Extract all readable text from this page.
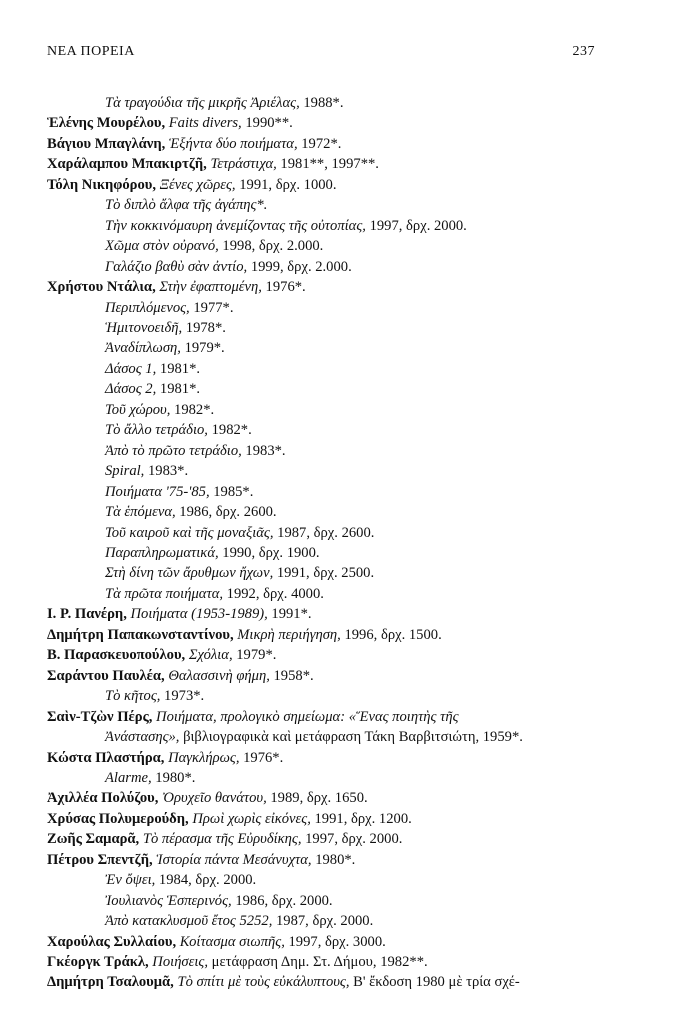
ΝΕΑ ΠΟΡΕΙΑ	237
Τὰ τραγούδια τῆς μικρῆς Ἀριέλας, 1988*.
Ἑλένης Μουρέλου, Faits divers, 1990**.
Βάγιου Μπαγλάνη, Ἑξήντα δύο ποιήματα, 1972*.
Χαράλαμπου Μπακιρτζῆ, Τετράστιχα, 1981**, 1997**.
Τόλη Νικηφόρου, Ξένες χῶρες, 1991, δρχ. 1000.
Τὸ διπλὸ ἄλφα τῆς ἀγάπης*.
Τὴν κοκκινόμαυρη ἀνεμίζοντας τῆς οὐτοπίας, 1997, δρχ. 2000.
Χῶμα στὸν οὐρανό, 1998, δρχ. 2.000.
Γαλάζιο βαθὺ σὰν ἀντίο, 1999, δρχ. 2.000.
Χρήστου Ντάλια, Στὴν ἐφαπτομένη, 1976*.
Περιπλόμενος, 1977*.
Ἡμιτονοειδῆ, 1978*.
Ἀναδίπλωση, 1979*.
Δάσος 1, 1981*.
Δάσος 2, 1981*.
Τοῦ χώρου, 1982*.
Τὸ ἄλλο τετράδιο, 1982*.
Ἀπὸ τὸ πρῶτο τετράδιο, 1983*.
Spiral, 1983*.
Ποιήματα '75-'85, 1985*.
Τὰ ἑπόμενα, 1986, δρχ. 2600.
Τοῦ καιροῦ καὶ τῆς μοναξιᾶς, 1987, δρχ. 2600.
Παραπληρωματικά, 1990, δρχ. 1900.
Στὴ δίνη τῶν ἄρυθμων ἤχων, 1991, δρχ. 2500.
Τὰ πρῶτα ποιήματα, 1992, δρχ. 4000.
Ι. Ρ. Πανέρη, Ποιήματα (1953-1989), 1991*.
Δημήτρη Παπακωνσταντίνου, Μικρὴ περιήγηση, 1996, δρχ. 1500.
Β. Παρασκευοπούλου, Σχόλια, 1979*.
Σαράντου Παυλέα, Θαλασσινὴ φήμη, 1958*.
Τὸ κῆτος, 1973*.
Σαὶν-Τζὼν Πέρς, Ποιήματα, προλογικὸ σημείωμα: «Ἕνας ποιητὴς τῆς
Ἀνάστασης», βιβλιογραφικὰ καὶ μετάφραση Τάκη Βαρβιτσιώτη, 1959*.
Κώστα Πλαστήρα, Παγκλήρως, 1976*.
Alarme, 1980*.
Ἀχιλλέα Πολύζου, Ὀρυχεῖο θανάτου, 1989, δρχ. 1650.
Χρύσας Πολυμερούδη, Πρωὶ χωρὶς εἰκόνες, 1991, δρχ. 1200.
Ζωῆς Σαμαρᾶ, Τὸ πέρασμα τῆς Εὐρυδίκης, 1997, δρχ. 2000.
Πέτρου Σπεντζῆ, Ἱστορία πάντα Μεσάνυχτα, 1980*.
Ἐν ὄψει, 1984, δρχ. 2000.
Ἰουλιανὸς Ἑσπερινός, 1986, δρχ. 2000.
Ἀπὸ κατακλυσμοῦ ἔτος 5252, 1987, δρχ. 2000.
Χαρούλας Συλλαίου, Κοίτασμα σιωπῆς, 1997, δρχ. 3000.
Γκέοργκ Τράκλ, Ποιήσεις, μετάφραση Δημ. Στ. Δήμου, 1982**.
Δημήτρη Τσαλουμᾶ, Τὸ σπίτι μὲ τοὺς εὐκάλυπτους, Β' ἔκδοση 1980 μὲ τρία σχέ-
